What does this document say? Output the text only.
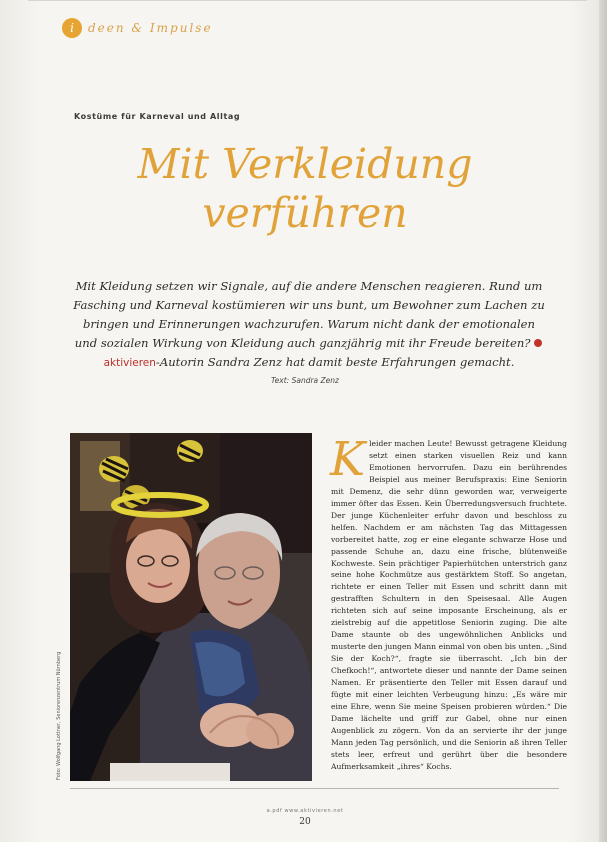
i deen & Impulse
Kostüme für Karneval und Alltag
Mit Verkleidung
verführen
Mit Kleidung setzen wir Signale, auf die andere Menschen reagieren. Rund um Fasching und Karneval kostümieren wir uns bunt, um Bewohner zum Lachen zu bringen und Erinnerungen wachzurufen. Warum nicht dank der emotionalen und sozialen Wirkung von Kleidung auch ganzjährig mit ihr Freude bereiten? aktivieren-Autorin Sandra Zenz hat damit beste Erfahrungen gemacht.
Text: Sandra Zenz
Foto: Wolfgang Lottner, Seniorenzentrum Nürnberg
Kleider machen Leute! Bewusst getragene Kleidung setzt einen starken visuellen Reiz und kann Emotionen hervorrufen. Dazu ein berührendes Beispiel aus meiner Berufspraxis: Eine Seniorin mit Demenz, die sehr dünn geworden war, verweigerte immer öfter das Essen. Kein Überredungsversuch fruchtete. Der junge Küchenleiter erfuhr davon und beschloss zu helfen. Nachdem er am nächsten Tag das Mittagessen vorbereitet hatte, zog er eine elegante schwarze Hose und passende Schuhe an, dazu eine frische, blütenweiße Kochweste. Sein prächtiger Papierhütchen unterstrich ganz seine hohe Kochmütze aus gestärktem Stoff. So angetan, richtete er einen Teller mit Essen und schritt dann mit gestrafften Schultern in den Speisesaal. Alle Augen richteten sich auf seine imposante Erscheinung, als er zielstrebig auf die appetitlose Seniorin zuging. Die alte Dame staunte ob des ungewöhnlichen Anblicks und musterte den jungen Mann einmal von oben bis unten. „Sind Sie der Koch?“, fragte sie überrascht. „Ich bin der Chefkoch!“, antwortete dieser und nannte der Dame seinen Namen. Er präsentierte den Teller mit Essen darauf und fügte mit einer leichten Verbeugung hinzu: „Es wäre mir eine Ehre, wenn Sie meine Speisen probieren würden.“ Die Dame lächelte und griff zur Gabel, ohne nur einen Augenblick zu zögern. Von da an servierte ihr der junge Mann jeden Tag persönlich, und die Seniorin aß ihren Teller stets leer, erfreut und gerührt über die besondere Aufmerksamkeit „ihres“ Kochs.
a.pdf www.aktivieren.net
20
